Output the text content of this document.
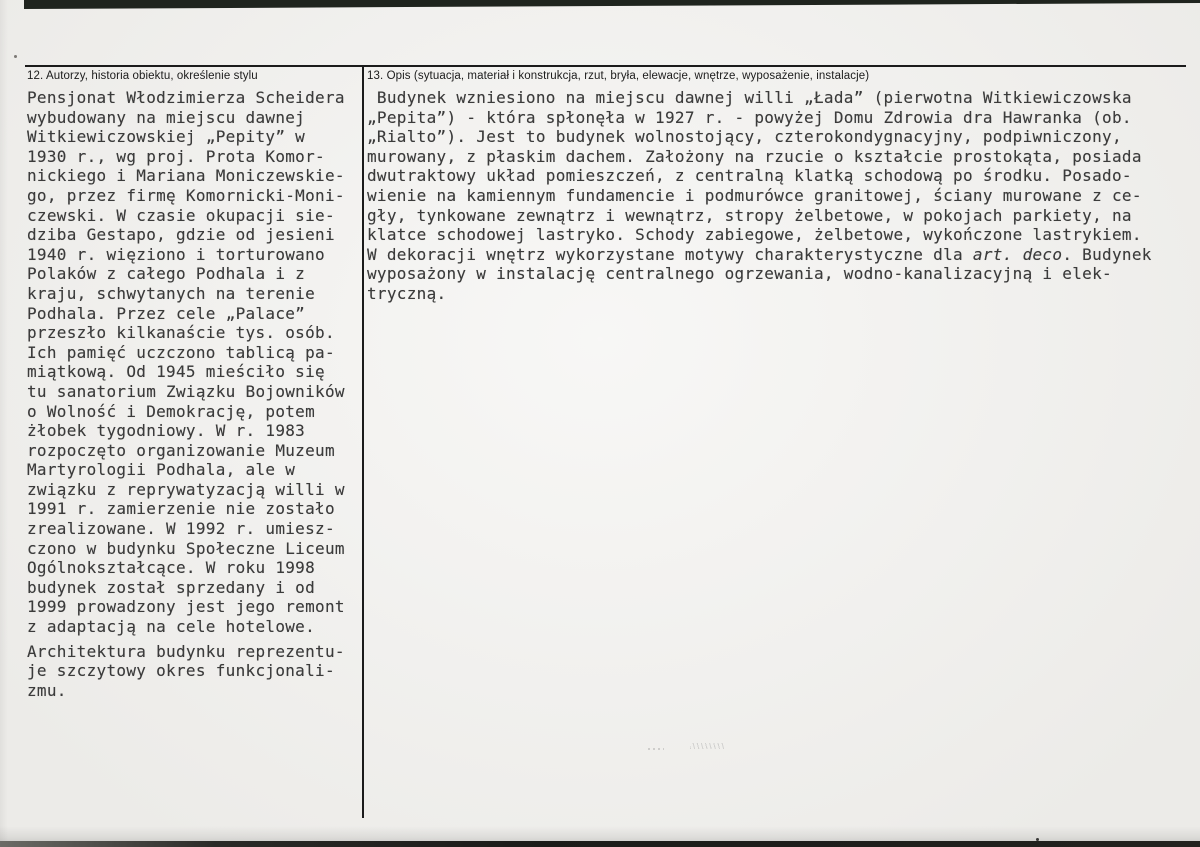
12. Autorzy, historia obiektu, określenie stylu
Pensjonat Włodzimierza Scheidera
wybudowany na miejscu dawnej
Witkiewiczowskiej „Pepity” w
1930 r., wg proj. Prota Komor-
nickiego i Mariana Moniczewskie-
go, przez firmę Komornicki-Moni-
czewski. W czasie okupacji sie-
dziba Gestapo, gdzie od jesieni
1940 r. więziono i torturowano
Polaków z całego Podhala i z
kraju, schwytanych na terenie
Podhala. Przez cele „Palace”
przeszło kilkanaście tys. osób.
Ich pamięć uczczono tablicą pa-
miątkową. Od 1945 mieściło się
tu sanatorium Związku Bojowników
o Wolność i Demokrację, potem
żłobek tygodniowy. W r. 1983
rozpoczęto organizowanie Muzeum
Martyrologii Podhala, ale w
związku z reprywatyzacją willi w
1991 r. zamierzenie nie zostało
zrealizowane. W 1992 r. umiesz-
czono w budynku Społeczne Liceum
Ogólnokształcące. W roku 1998
budynek został sprzedany i od
1999 prowadzony jest jego remont
z adaptacją na cele hotelowe.
Architektura budynku reprezentu-
je szczytowy okres funkcjonali-
zmu.
13. Opis (sytuacja, materiał i konstrukcja, rzut, bryła, elewacje, wnętrze, wyposażenie, instalacje)
Budynek wzniesiono na miejscu dawnej willi „Łada” (pierwotna Witkiewiczowska
„Pepita”) - która spłonęła w 1927 r. - powyżej Domu Zdrowia dra Hawranka (ob.
„Rialto”). Jest to budynek wolnostojący, czterokondygnacyjny, podpiwniczony,
murowany, z płaskim dachem. Założony na rzucie o kształcie prostokąta, posiada
dwutraktowy układ pomieszczeń, z centralną klatką schodową po środku. Posado-
wienie na kamiennym fundamencie i podmurówce granitowej, ściany murowane z ce-
gły, tynkowane zewnątrz i wewnątrz, stropy żelbetowe, w pokojach parkiety, na
klatce schodowej lastryko. Schody zabiegowe, żelbetowe, wykończone lastrykiem.
W dekoracji wnętrz wykorzystane motywy charakterystyczne dla art. deco. Budynek
wyposażony w instalację centralnego ogrzewania, wodno-kanalizacyjną i elek-
tryczną.
